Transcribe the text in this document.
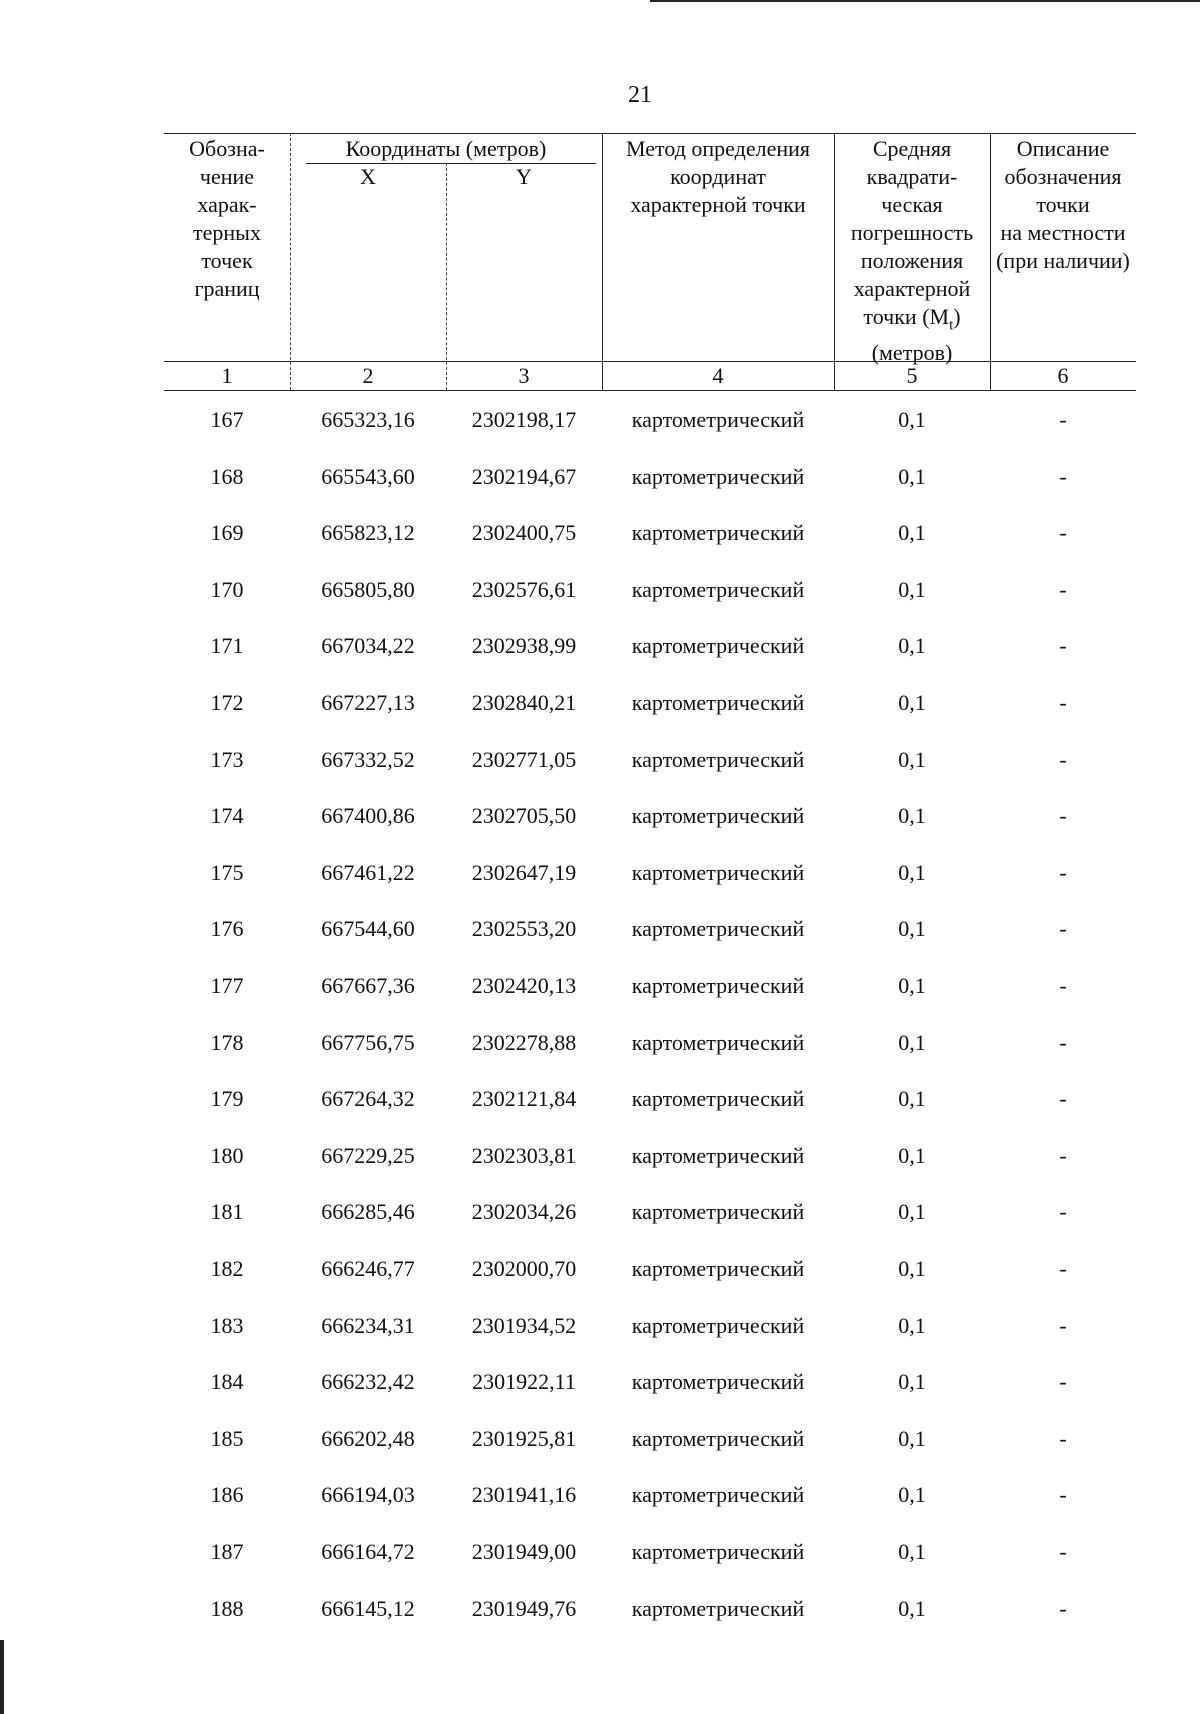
21
Обозна-
чение
харак-
терных
точек
границ
Координаты (метров)
X	Y
Метод определения
координат
характерной точки
Средняя
квадрати-
ческая
погрешность
положения
характерной
точки $(M_t)$
(метров)
Описание
обозначения
точки
на местности
(при наличии)
1	2	3	4	5	6
167	665323,16	2302198,17	картометрический	0,1	-
168	665543,60	2302194,67	картометрический	0,1	-
169	665823,12	2302400,75	картометрический	0,1	-
170	665805,80	2302576,61	картометрический	0,1	-
171	667034,22	2302938,99	картометрический	0,1	-
172	667227,13	2302840,21	картометрический	0,1	-
173	667332,52	2302771,05	картометрический	0,1	-
174	667400,86	2302705,50	картометрический	0,1	-
175	667461,22	2302647,19	картометрический	0,1	-
176	667544,60	2302553,20	картометрический	0,1	-
177	667667,36	2302420,13	картометрический	0,1	-
178	667756,75	2302278,88	картометрический	0,1	-
179	667264,32	2302121,84	картометрический	0,1	-
180	667229,25	2302303,81	картометрический	0,1	-
181	666285,46	2302034,26	картометрический	0,1	-
182	666246,77	2302000,70	картометрический	0,1	-
183	666234,31	2301934,52	картометрический	0,1	-
184	666232,42	2301922,11	картометрический	0,1	-
185	666202,48	2301925,81	картометрический	0,1	-
186	666194,03	2301941,16	картометрический	0,1	-
187	666164,72	2301949,00	картометрический	0,1	-
188	666145,12	2301949,76	картометрический	0,1	-
